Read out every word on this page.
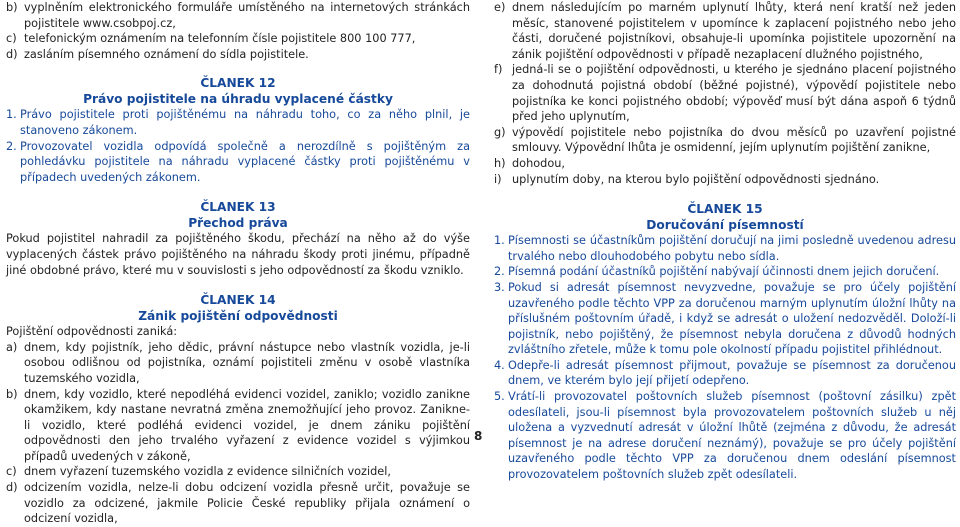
b) vyplněním elektronického formuláře umístěného na internetových stránkách pojistitele www.csobpoj.cz,
c) telefonickým oznámením na telefonním čísle pojistitele 800 100 777,
d) zasláním písemného oznámení do sídla pojistitele.
ČLANEK 12
Právo pojistitele na úhradu vyplacené částky
1. Právo pojistitele proti pojištěnému na náhradu toho, co za něho plnil, je stanoveno zákonem.
2. Provozovatel vozidla odpovídá společně a nerozdílně s pojištěným za pohledávku pojistitele na náhradu vyplacené částky proti pojištěnému v případech uvedených zákonem.
ČLANEK 13
Přechod práva

Pokud pojistitel nahradil za pojištěného škodu, přechází na něho až do výše vyplacených částek právo pojištěného na náhradu škody proti jinému, případně jiné obdobné právo, které mu v souvislosti s jeho odpovědností za škodu vzniklo.

ČLANEK 14
Zánik pojištění odpovědnosti

Pojištění odpovědnosti zaniká:

a) dnem, kdy pojistník, jeho dědic, právní nástupce nebo vlastník vozidla, je-li osobou odlišnou od pojistníka, oznámí pojistiteli změnu v osobě vlastníka tuzemského vozidla,
b) dnem, kdy vozidlo, které nepodléhá evidenci vozidel, zaniklo; vozidlo zanikne okamžikem, kdy nastane nevratná změna znemožňující jeho provoz. Zanikne-li vozidlo, které podléhá evidenci vozidel, je dnem zániku pojištění odpovědnosti den jeho trvalého vyřazení z evidence vozidel s výjimkou případů uvedených v zákoně,
c) dnem vyřazení tuzemského vozidla z evidence silničních vozidel,
d) odcizením vozidla, nelze-li dobu odcizení vozidla přesně určit, považuje se vozidlo za odcizené, jakmile Policie České republiky přijala oznámení o odcizení vozidla,
e) dnem následujícím po marném uplynutí lhůty, která není kratší než jeden měsíc, stanovené pojistitelem v upomínce k zaplacení pojistného nebo jeho části, doručené pojistníkovi, obsahuje-li upomínka pojistitele upozornění na zánik pojištění odpovědnosti v případě nezaplacení dlužného pojistného,
f) jedná-li se o pojištění odpovědnosti, u kterého je sjednáno placení pojistného za dohodnutá pojistná období (běžné pojistné), výpovědí pojistitele nebo pojistníka ke konci pojistného období; výpověď musí být dána aspoň 6 týdnů před jeho uplynutím,
g) výpovědí pojistitele nebo pojistníka do dvou měsíců po uzavření pojistné smlouvy. Výpovědní lhůta je osmidenní, jejím uplynutím pojištění zanikne,
h) dohodou,
i) uplynutím doby, na kterou bylo pojištění odpovědnosti sjednáno.
ČLANEK 15
Doručování písemností
1. Písemnosti se účastníkům pojištění doručují na jimi posledně uvedenou adresu trvalého nebo dlouhodobého pobytu nebo sídla.
2. Písemná podání účastníků pojištění nabývají účinnosti dnem jejich doručení.
3. Pokud si adresát písemnost nevyzvedne, považuje se pro účely pojištění uzavřeného podle těchto VPP za doručenou marným uplynutím úložní lhůty na příslušném poštovním úřadě, i když se adresát o uložení nedozvěděl. Doloží-li pojistník, nebo pojištěný, že písemnost nebyla doručena z důvodů hodných zvláštního zřetele, může k tomu pole okolností případu pojistitel přihlédnout.
4. Odepře-li adresát písemnost přijmout, považuje se písemnost za doručenou dnem, ve kterém bylo její přijetí odepřeno.
5. Vrátí-li provozovatel poštovních služeb písemnost (poštovní zásilku) zpět odesílateli, jsou-li písemnost byla provozovatelem poštovních služeb u něj uložena a vyzvednutí adresát v úložní lhůtě (zejména z důvodu, že adresát písemnost je na adrese doručení neznámý), považuje se pro účely pojištění uzavřeného podle těchto VPP za doručenou dnem odeslání písemnost provozovatelem poštovních služeb zpět odesílateli.
8
